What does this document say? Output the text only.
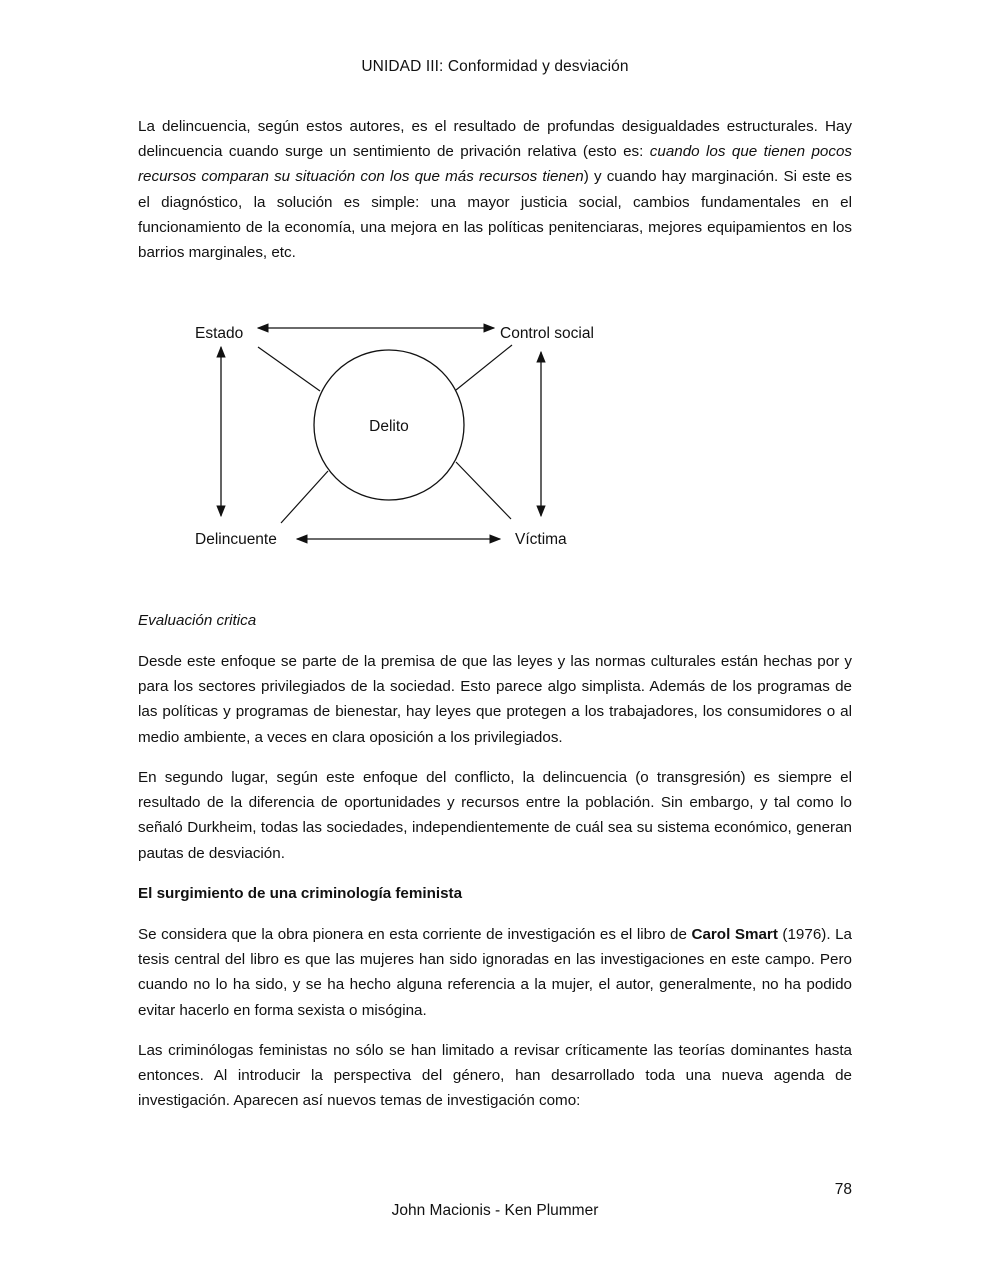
UNIDAD III: Conformidad y desviación

La delincuencia, según estos autores, es el resultado de profundas desigualdades estructurales. Hay delincuencia cuando surge un sentimiento de privación relativa (esto es: cuando los que tienen pocos recursos comparan su situación con los que más recursos tienen) y cuando hay marginación. Si este es el diagnóstico, la solución es simple: una mayor justicia social, cambios fundamentales en el funcionamiento de la economía, una mejora en las políticas penitenciaras, mejores equipamientos en los barrios marginales, etc.

Estado	Control social
Delito
Delincuente	Víctima

Evaluación critica

Desde este enfoque se parte de la premisa de que las leyes y las normas culturales están hechas por y para los sectores privilegiados de la sociedad. Esto parece algo simplista. Además de los programas de las políticas y programas de bienestar, hay leyes que protegen a los trabajadores, los consumidores o al medio ambiente, a veces en clara oposición a los privilegiados.

En segundo lugar, según este enfoque del conflicto, la delincuencia (o transgresión) es siempre el resultado de la diferencia de oportunidades y recursos entre la población. Sin embargo, y tal como lo señaló Durkheim, todas las sociedades, independientemente de cuál sea su sistema económico, generan pautas de desviación.

El surgimiento de una criminología feminista

Se considera que la obra pionera en esta corriente de investigación es el libro de Carol Smart (1976). La tesis central del libro es que las mujeres han sido ignoradas en las investigaciones en este campo. Pero cuando no lo ha sido, y se ha hecho alguna referencia a la mujer, el autor, generalmente, no ha podido evitar hacerlo en forma sexista o misógina.

Las criminólogas feministas no sólo se han limitado a revisar críticamente las teorías dominantes hasta entonces. Al introducir la perspectiva del género, han desarrollado toda una nueva agenda de investigación. Aparecen así nuevos temas de investigación como:

78
John Macionis - Ken Plummer
